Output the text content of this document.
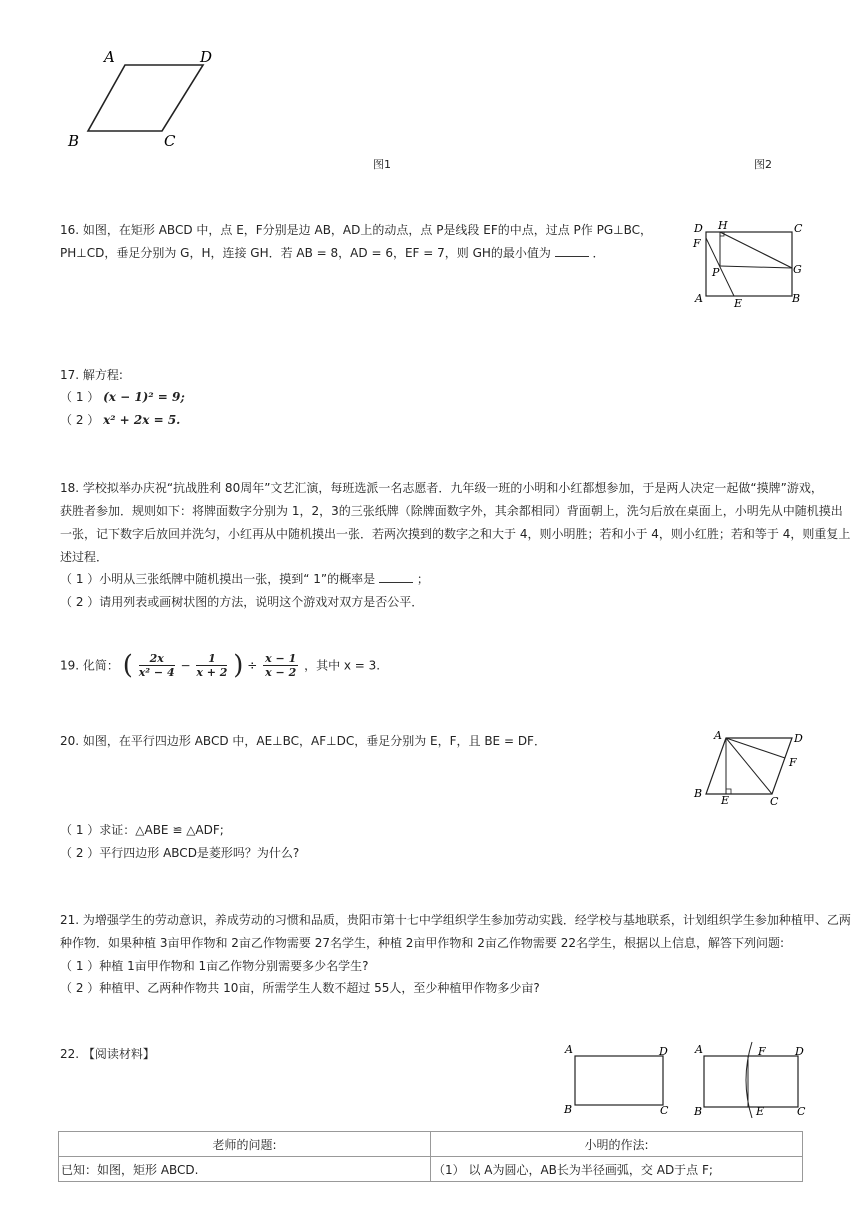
A	D
B	C
图1	图2
16. 如图，在矩形 ABCD 中，点 E，F分别是边 AB，AD上的动点，点 P是线段 EF的中点，过点 P作 PG⊥BC，
PH⊥CD，垂足分别为 G，H，连接 GH．若 AB = 8，AD = 6，EF = 7，则 GH的最小值为	．
D H	C
F
P	G
A	E	B
17. 解方程:
（ 1 ） (x − 1)² = 9;
（ 2 ） x² + 2x = 5.
18. 学校拟举办庆祝“抗战胜利 80周年”文艺汇演，每班选派一名志愿者．九年级一班的小明和小红都想参加，于是两人决定一起做“摸牌”游戏，
获胜者参加．规则如下：将牌面数字分别为 1，2，3的三张纸牌（除牌面数字外，其余都相同）背面朝上，洗匀后放在桌面上，小明先从中随机摸出
一张，记下数字后放回并洗匀，小红再从中随机摸出一张．若两次摸到的数字之和大于 4，则小明胜；若和小于 4，则小红胜；若和等于 4，则重复上
述过程．
（ 1 ）小明从三张纸牌中随机摸出一张，摸到“ 1”的概率是	；
（ 2 ）请用列表或画树状图的方法，说明这个游戏对双方是否公平．
19. 化简： ( $\frac{2x}{\text{x² − 4}} - \frac{1}{x + 2}$ ) ÷ $\frac{x - 1}{x - 2}$ ，其中 x = 3.
20. 如图，在平行四边形 ABCD 中，AE⊥BC，AF⊥DC，垂足分别为 E，F，且 BE = DF．	A	D
F
B
E	C
（ 1 ）求证：△ABE ≌ △ADF;
（ 2 ）平行四边形 ABCD是菱形吗？为什么?
21. 为增强学生的劳动意识，养成劳动的习惯和品质，贵阳市第十七中学组织学生参加劳动实践．经学校与基地联系，计划组织学生参加种植甲、乙两
种作物．如果种植 3亩甲作物和 2亩乙作物需要 27名学生，种植 2亩甲作物和 2亩乙作物需要 22名学生，根据以上信息，解答下列问题:
（ 1 ）种植 1亩甲作物和 1亩乙作物分别需要多少名学生?
（ 2 ）种植甲、乙两种作物共 10亩，所需学生人数不超过 55人，至少种植甲作物多少亩?
22. 【阅读材料】	A	D
B	C
A	F	D
B	E	C
老师的问题:	小明的作法:
已知：如图，矩形 ABCD.	（1） 以 A为圆心，AB长为半径画弧，交 AD于点 F;
